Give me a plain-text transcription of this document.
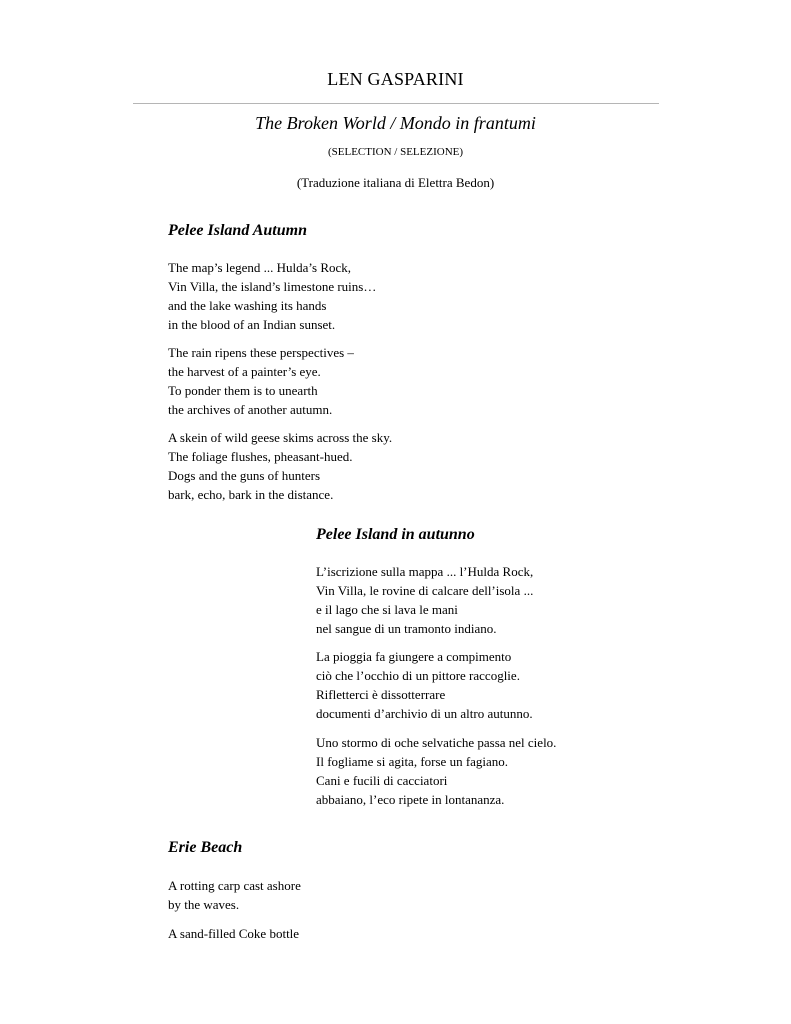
LEN GASPARINI
The Broken World / Mondo in frantumi
(SELECTION / SELEZIONE)
(Traduzione italiana di Elettra Bedon)
Pelee Island Autumn

The map’s legend ... Hulda’s Rock,
Vin Villa, the island’s limestone ruins…
and the lake washing its hands
in the blood of an Indian sunset.

The rain ripens these perspectives –
the harvest of a painter’s eye.
To ponder them is to unearth
the archives of another autumn.

A skein of wild geese skims across the sky.
The foliage flushes, pheasant-hued.
Dogs and the guns of hunters
bark, echo, bark in the distance.

Pelee Island in autunno

L’iscrizione sulla mappa ... l’Hulda Rock,
Vin Villa, le rovine di calcare dell’isola ...
e il lago che si lava le mani
nel sangue di un tramonto indiano.

La pioggia fa giungere a compimento
ciò che l’occhio di un pittore raccoglie.
Rifletterci è dissotterrare
documenti d’archivio di un altro autunno.

Uno stormo di oche selvatiche passa nel cielo.
Il fogliame si agita, forse un fagiano.
Cani e fucili di cacciatori
abbaiano, l’eco ripete in lontananza.

Erie Beach

A rotting carp cast ashore
by the waves.

A sand-filled Coke bottle
